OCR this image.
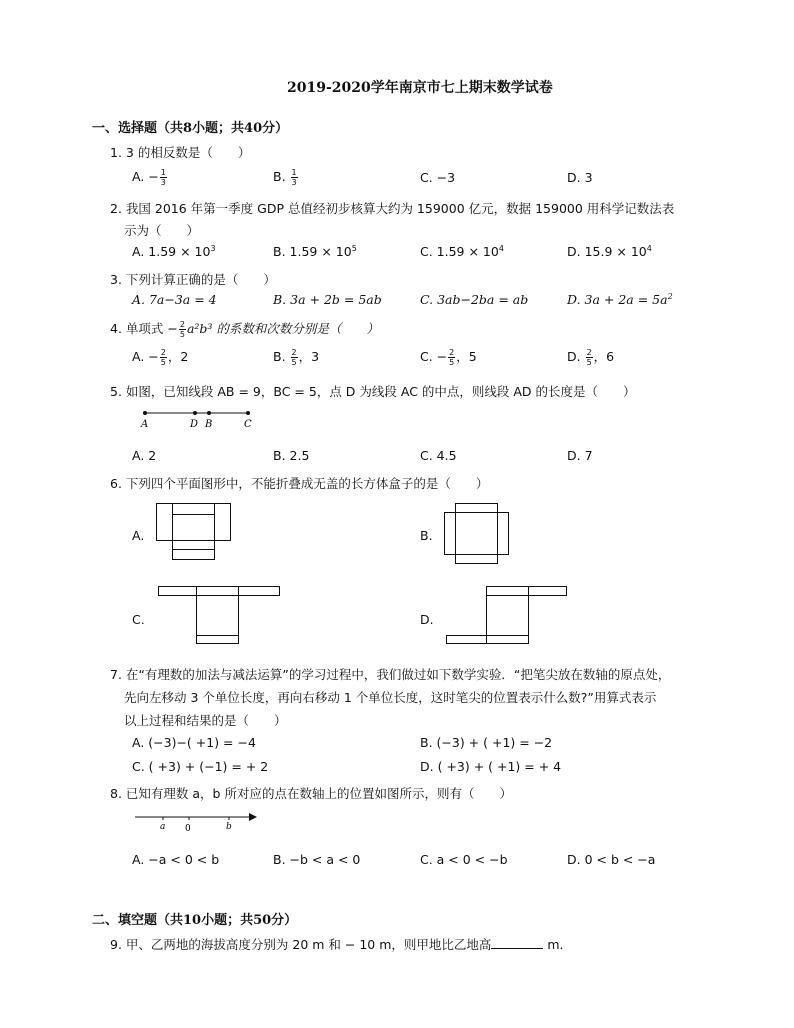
2019-2020学年南京市七上期末数学试卷
一、选择题（共8小题；共40分）
1. 3 的相反数是（　　）
A. − $\frac{1}{3}$	B. $\frac{1}{3}$	C. −3	D. 3
2. 我国 2016 年第一季度 GDP 总值经初步核算大约为 159000 亿元，数据 159000 用科学记数法表
示为（　　）
A. $1.59 \times 10^3$	B. $1.59 \times 10^5$	C. $1.59 \times 10^4$	D. $15.9 \times 10^4$
3. 下列计算正确的是（　　）
A. 7a−3a = 4	B. 3a + 2b = 5ab	C. 3ab−2ba = ab	D. $3a + 2a = 5a^2$
4. 单项式 − $\frac{2}{5} a^2b^3$ 的系数和次数分别是（　　）
A. − $\frac{2}{5}$ ，2	B. $\frac{2}{5}$ ，3	C. − $\frac{2}{5}$ ，5	D. $\frac{2}{5}$ ，6
5. 如图，已知线段 AB = 9，BC = 5，点 D 为线段 AC 的中点，则线段 AD 的长度是（　　）
A	D B	C
A. 2	B. 2.5	C. 4.5	D. 7
6. 下列四个平面图形中，不能折叠成无盖的长方体盒子的是（　　）
A.	B.
C.	D.
7. 在“有理数的加法与减法运算”的学习过程中，我们做过如下数学实验．“把笔尖放在数轴的原点处，
先向左移动 3 个单位长度，再向右移动 1 个单位长度，这时笔尖的位置表示什么数?”用算式表示
以上过程和结果的是（　　）
A. (−3)−( +1) = −4	B. (−3) + ( +1) = −2
C. ( +3) + (−1) = + 2	D. ( +3) + ( +1) = + 4
8. 已知有理数 a，b 所对应的点在数轴上的位置如图所示，则有（　　）
a 0	b
A. −a < 0 < b	B. −b < a < 0	C. a < 0 < −b	D. 0 < b < −a
二、填空题（共10小题；共50分）
9. 甲、乙两地的海拔高度分别为 20 m 和 − 10 m，则甲地比乙地高	m．
